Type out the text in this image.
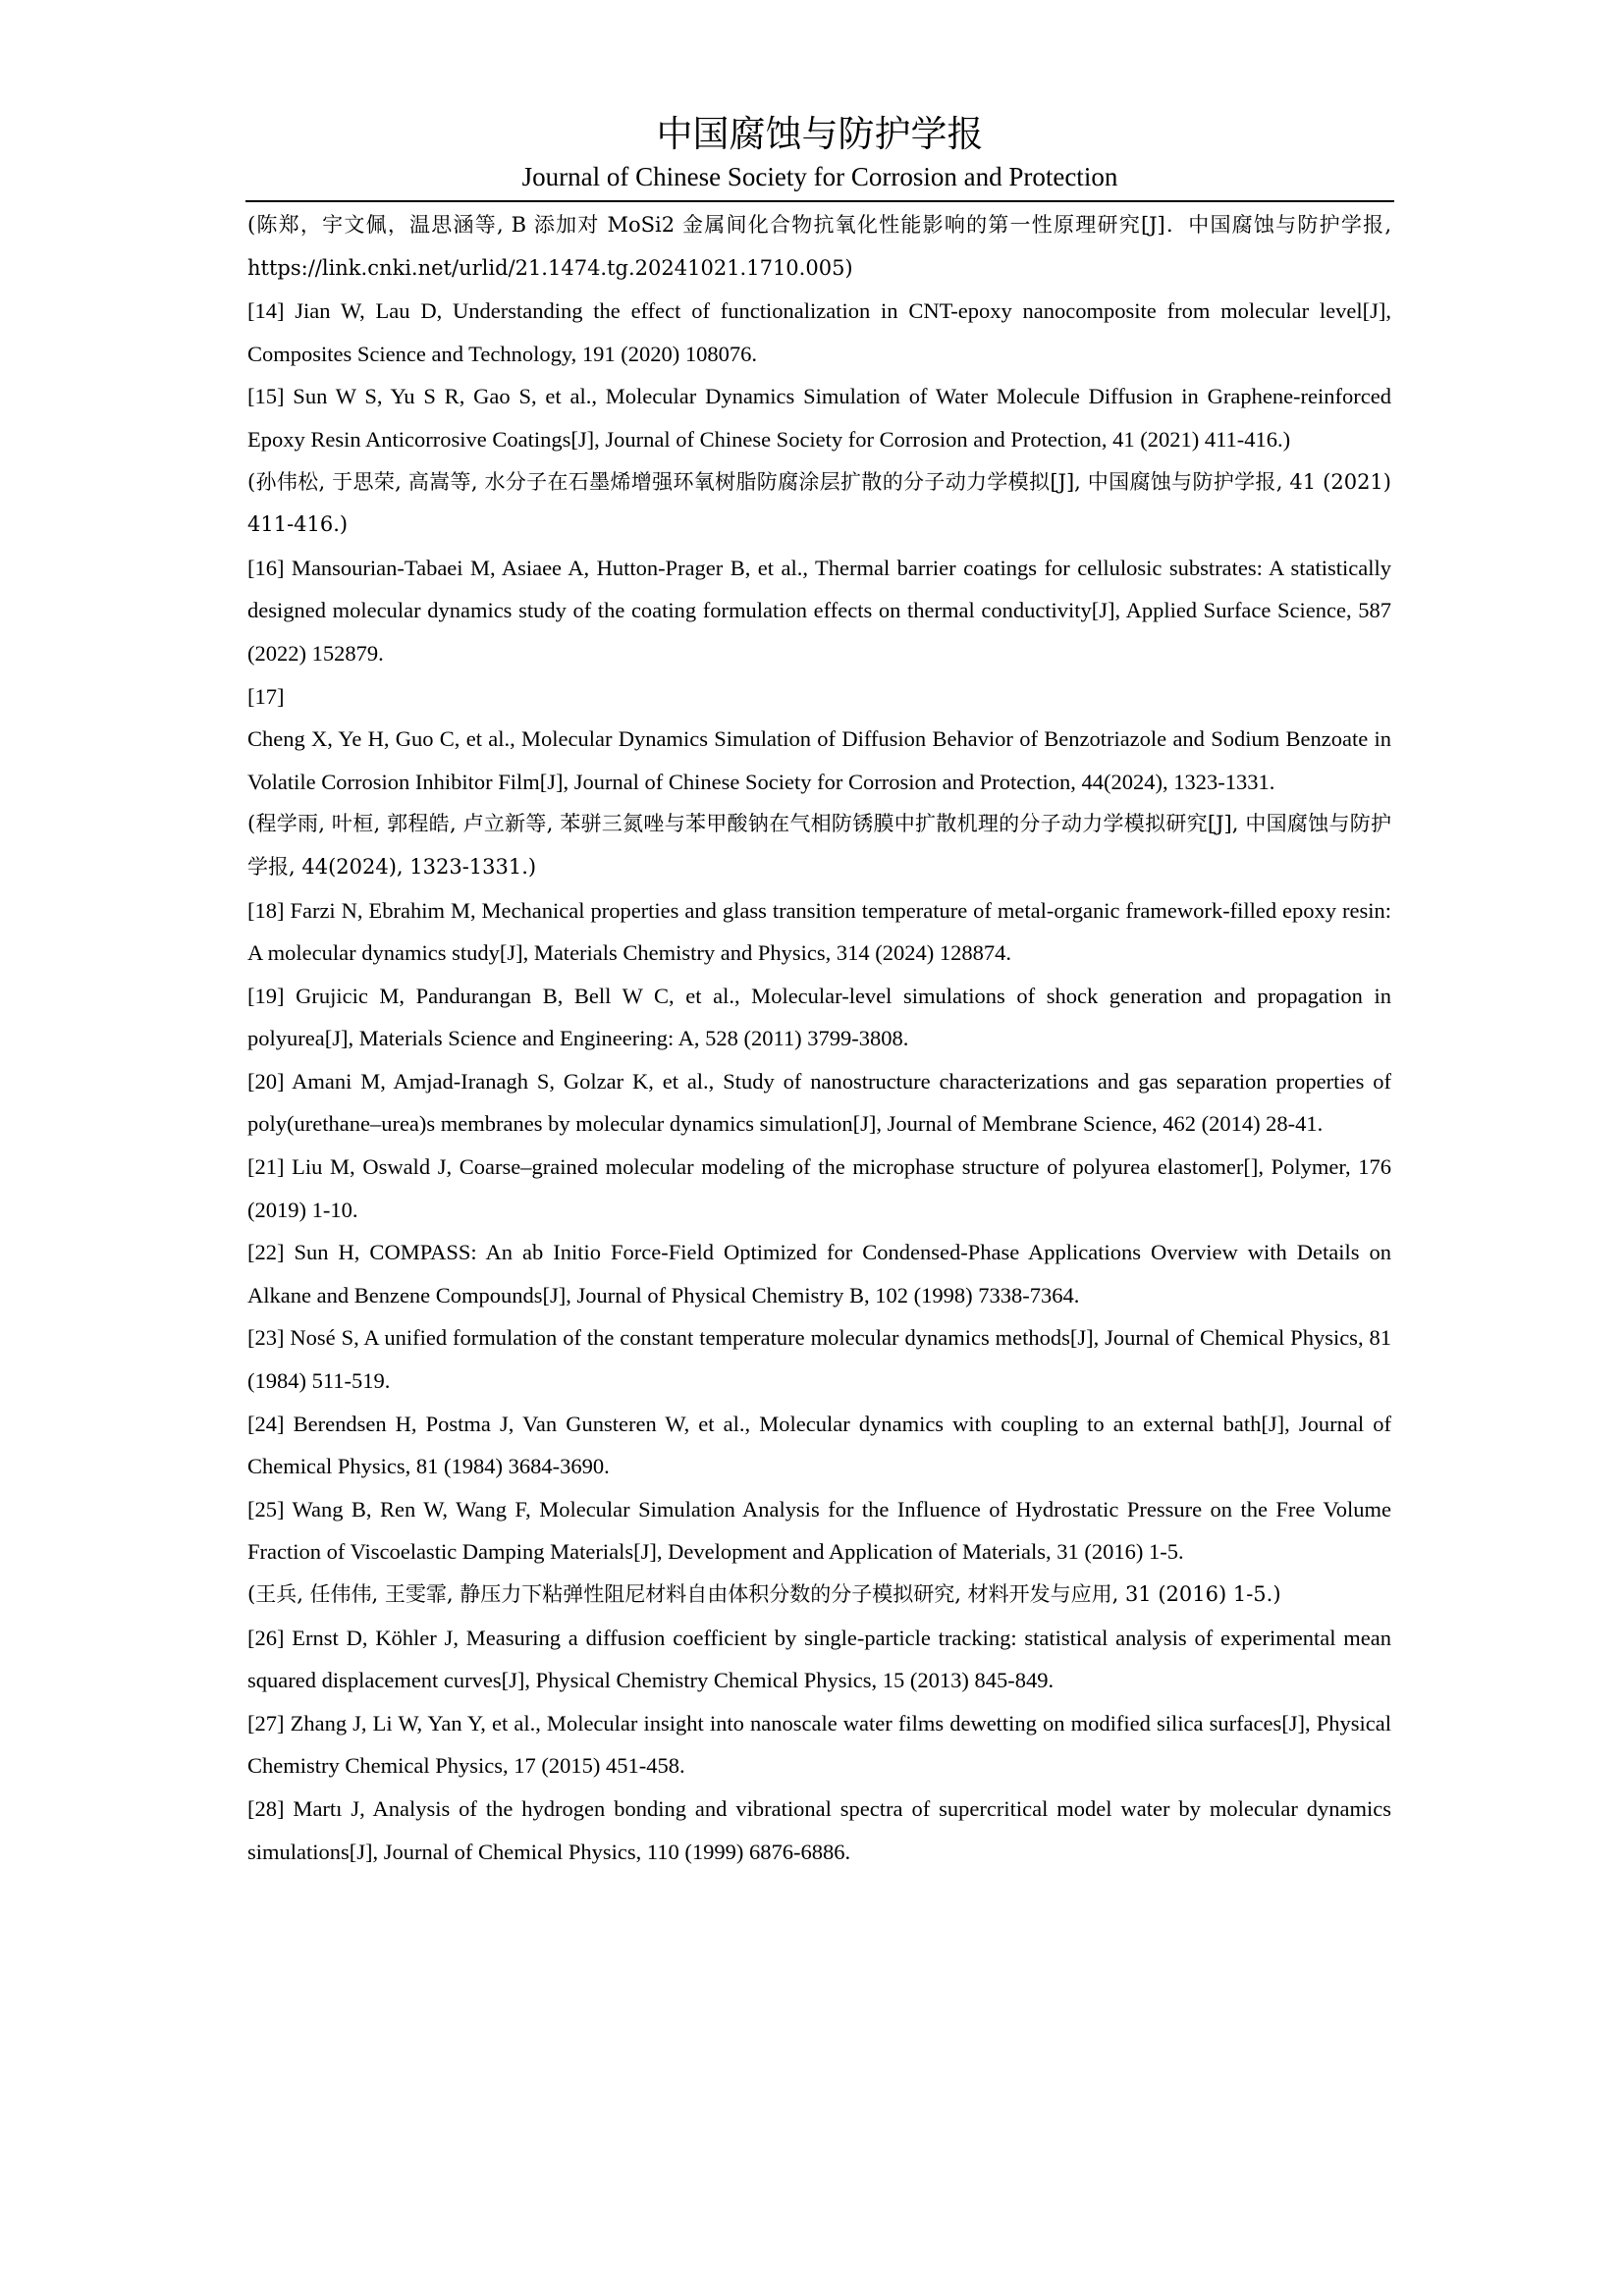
中国腐蚀与防护学报
Journal of Chinese Society for Corrosion and Protection
(陈郑，宇文佩，温思涵等, B 添加对 MoSi2 金属间化合物抗氧化性能影响的第一性原理研究[J]．中国腐蚀与防护学报, https://link.cnki.net/urlid/21.1474.tg.20241021.1710.005)
[14] Jian W, Lau D, Understanding the effect of functionalization in CNT-epoxy nanocomposite from molecular level[J], Composites Science and Technology, 191 (2020) 108076.
[15] Sun W S, Yu S R, Gao S, et al., Molecular Dynamics Simulation of Water Molecule Diffusion in Graphene-reinforced Epoxy Resin Anticorrosive Coatings[J], Journal of Chinese Society for Corrosion and Protection, 41 (2021) 411-416.)
(孙伟松, 于思荣, 高嵩等, 水分子在石墨烯增强环氧树脂防腐涂层扩散的分子动力学模拟[J], 中国腐蚀与防护学报, 41 (2021) 411-416.)
[16] Mansourian-Tabaei M, Asiaee A, Hutton-Prager B, et al., Thermal barrier coatings for cellulosic substrates: A statistically designed molecular dynamics study of the coating formulation effects on thermal conductivity[J], Applied Surface Science, 587 (2022) 152879.
[17]
Cheng X, Ye H, Guo C, et al., Molecular Dynamics Simulation of Diffusion Behavior of Benzotriazole and Sodium Benzoate in Volatile Corrosion Inhibitor Film[J], Journal of Chinese Society for Corrosion and Protection, 44(2024), 1323-1331.
(程学雨, 叶桓, 郭程皓, 卢立新等, 苯骈三氮唑与苯甲酸钠在气相防锈膜中扩散机理的分子动力学模拟研究[J], 中国腐蚀与防护学报, 44(2024), 1323-1331.)
[18] Farzi N, Ebrahim M, Mechanical properties and glass transition temperature of metal-organic framework-filled epoxy resin: A molecular dynamics study[J], Materials Chemistry and Physics, 314 (2024) 128874.
[19] Grujicic M, Pandurangan B, Bell W C, et al., Molecular-level simulations of shock generation and propagation in polyurea[J], Materials Science and Engineering: A, 528 (2011) 3799-3808.
[20] Amani M, Amjad-Iranagh S, Golzar K, et al., Study of nanostructure characterizations and gas separation properties of poly(urethane–urea)s membranes by molecular dynamics simulation[J], Journal of Membrane Science, 462 (2014) 28-41.
[21] Liu M, Oswald J, Coarse–grained molecular modeling of the microphase structure of polyurea elastomer[], Polymer, 176 (2019) 1-10.
[22] Sun H, COMPASS: An ab Initio Force-Field Optimized for Condensed-Phase Applications Overview with Details on Alkane and Benzene Compounds[J], Journal of Physical Chemistry B, 102 (1998) 7338-7364.
[23] Nosé S, A unified formulation of the constant temperature molecular dynamics methods[J], Journal of Chemical Physics, 81 (1984) 511-519.
[24] Berendsen H, Postma J, Van Gunsteren W, et al., Molecular dynamics with coupling to an external bath[J], Journal of Chemical Physics, 81 (1984) 3684-3690.
[25] Wang B, Ren W, Wang F, Molecular Simulation Analysis for the Influence of Hydrostatic Pressure on the Free Volume Fraction of Viscoelastic Damping Materials[J], Development and Application of Materials, 31 (2016) 1-5.
(王兵, 任伟伟, 王雯霏, 静压力下粘弹性阻尼材料自由体积分数的分子模拟研究, 材料开发与应用, 31 (2016) 1-5.)
[26] Ernst D, Köhler J, Measuring a diffusion coefficient by single-particle tracking: statistical analysis of experimental mean squared displacement curves[J], Physical Chemistry Chemical Physics, 15 (2013) 845-849.
[27] Zhang J, Li W, Yan Y, et al., Molecular insight into nanoscale water films dewetting on modified silica surfaces[J], Physical Chemistry Chemical Physics, 17 (2015) 451-458.
[28] Martı J, Analysis of the hydrogen bonding and vibrational spectra of supercritical model water by molecular dynamics simulations[J], Journal of Chemical Physics, 110 (1999) 6876-6886.
